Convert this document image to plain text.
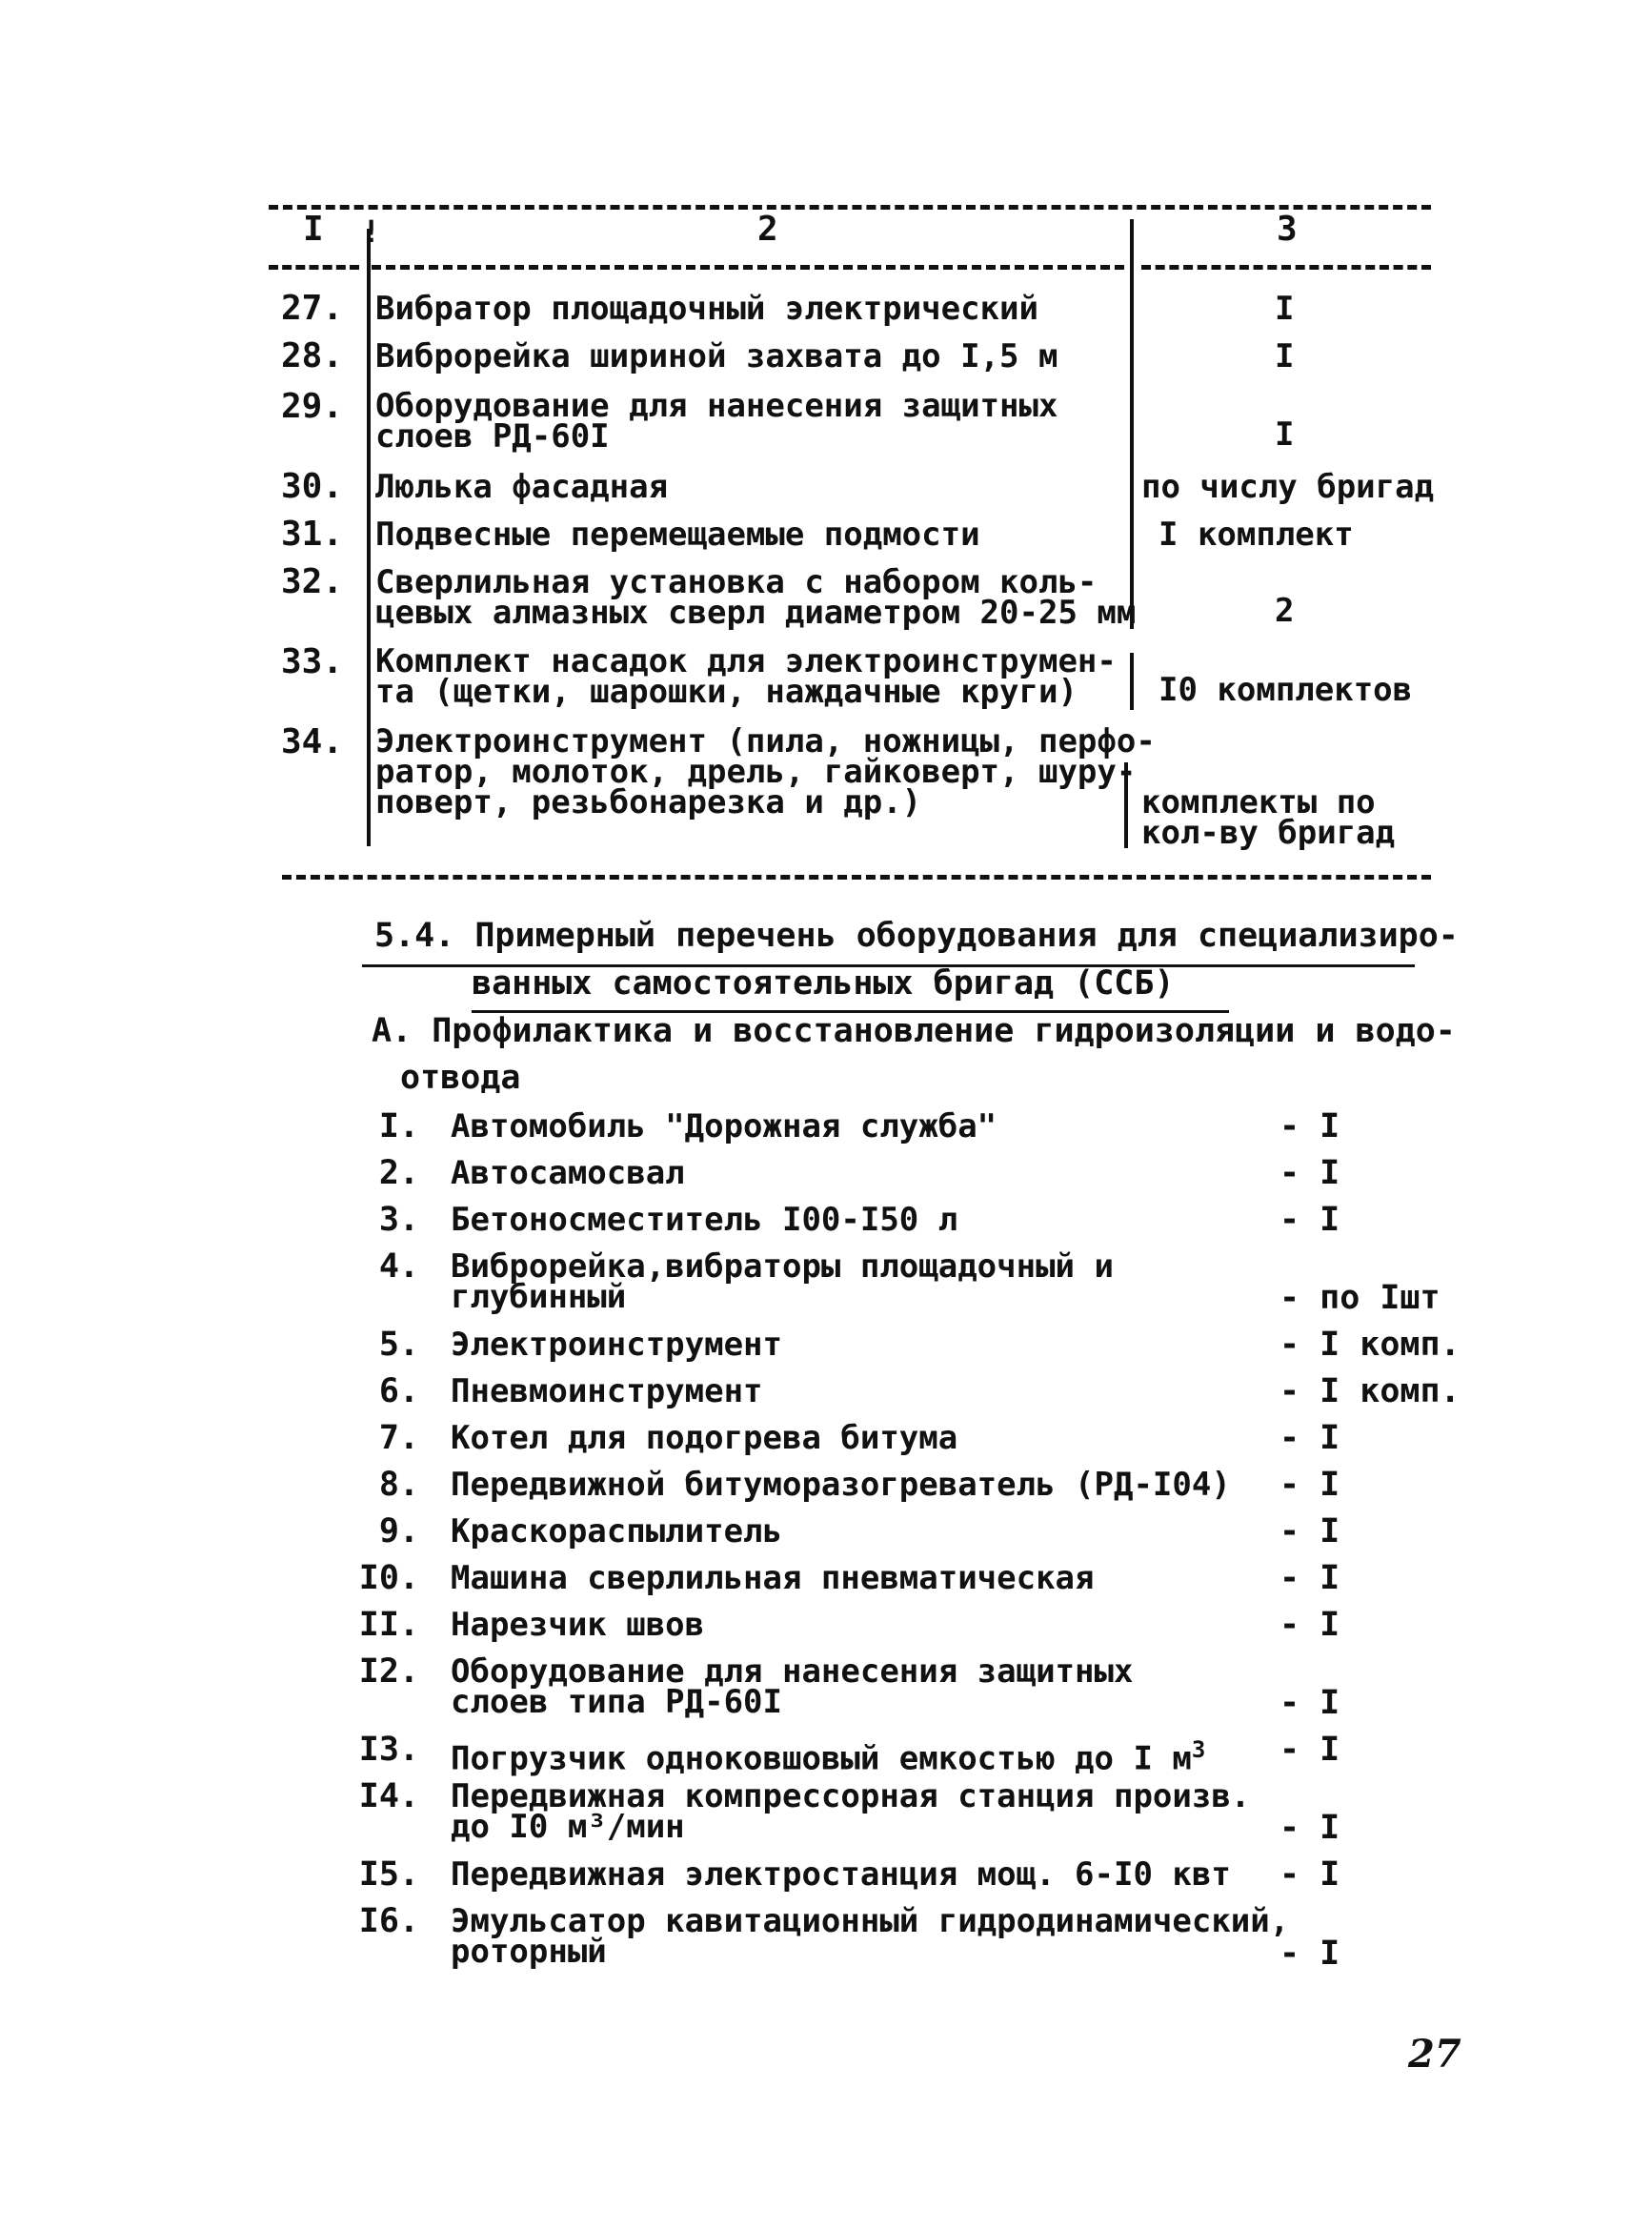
I !	2	3
27. Вибратор площадочный электрический	I
28. Виброрейка шириной захвата до I,5 м	I
29. Оборудование для нанесения защитных
слоев РД-60I	I
30. Люлька фасадная	по числу бригад
31. Подвесные перемещаемые подмости	I комплект
32. Сверлильная установка с набором коль-
цевых алмазных сверл диаметром 20-25 мм	2
33. Комплект насадок для электроинструмен-
та (щетки, шарошки, наждачные круги)	I0 комплектов
34. Электроинструмент (пила, ножницы, перфо-
ратор, молоток, дрель, гайковерт, шуру-
поверт, резьбонарезка и др.)	комплекты по
кол-ву бригад
5.4. Примерный перечень оборудования для специализиро-
ванных самостоятельных бригад (ССБ)
А. Профилактика и восстановление гидроизоляции и водо-
отвода
I. Автомобиль "Дорожная служба"	- I
2. Автосамосвал	- I
3. Бетоносместитель I00-I50 л	- I
4. Виброрейка,вибраторы площадочный и
глубинный	- по Iшт
5. Электроинструмент	- I комп.
6. Пневмоинструмент	- I комп.
7. Котел для подогрева битума	- I
8. Передвижной битуморазогреватель (РД-I04) - I
9. Краскораспылитель	- I
I0. Машина сверлильная пневматическая	- I
II. Нарезчик швов	- I
I2. Оборудование для нанесения защитных
слоев типа РД-60I	- I
I3. Погрузчик одноковшовый емкостью до I $м^3$ - I
I4. Передвижная компрессорная станция произв.
до I0 м³/мин	- I
I5. Передвижная электростанция мощ. 6-I0 квт - I
I6. Эмульсатор кавитационный гидродинамический,
роторный	- I
27
